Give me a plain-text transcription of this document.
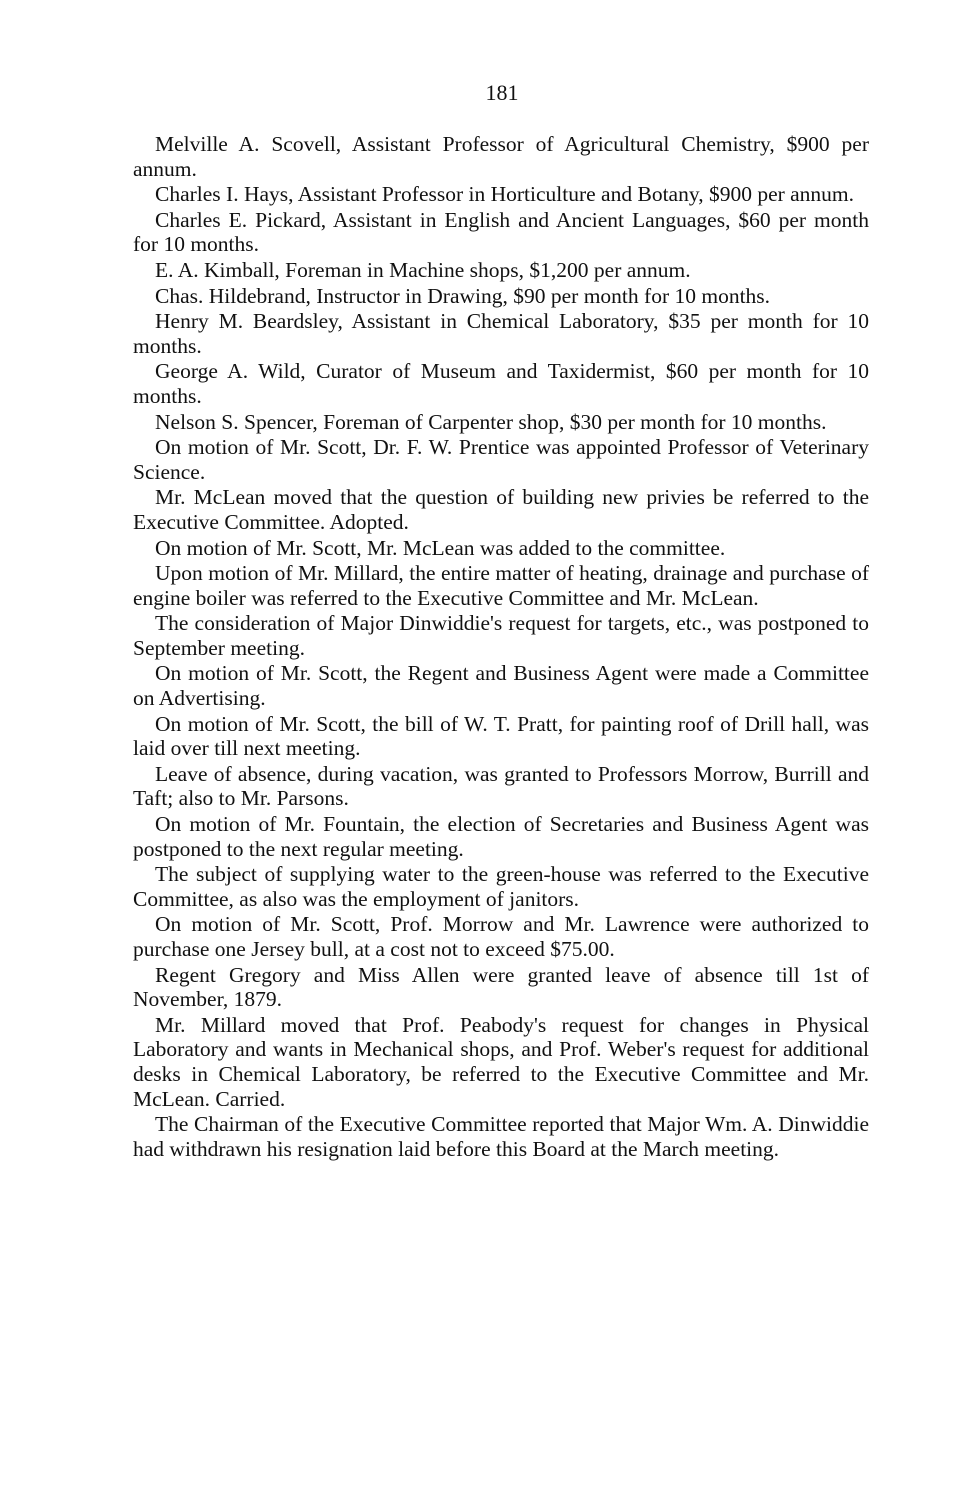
181

Melville A. Scovell, Assistant Professor of Agricultural Chemistry, $900 per annum.

Charles I. Hays, Assistant Professor in Horticulture and Botany, $900 per annum.

Charles E. Pickard, Assistant in English and Ancient Languages, $60 per month for 10 months.

E. A. Kimball, Foreman in Machine shops, $1,200 per annum.

Chas. Hildebrand, Instructor in Drawing, $90 per month for 10 months.

Henry M. Beardsley, Assistant in Chemical Laboratory, $35 per month for 10 months.

George A. Wild, Curator of Museum and Taxidermist, $60 per month for 10 months.

Nelson S. Spencer, Foreman of Carpenter shop, $30 per month for 10 months.

On motion of Mr. Scott, Dr. F. W. Prentice was appointed Professor of Veterinary Science.

Mr. McLean moved that the question of building new privies be referred to the Executive Committee. Adopted.

On motion of Mr. Scott, Mr. McLean was added to the committee.

Upon motion of Mr. Millard, the entire matter of heating, drainage and purchase of engine boiler was referred to the Executive Committee and Mr. McLean.

The consideration of Major Dinwiddie's request for targets, etc., was postponed to September meeting.

On motion of Mr. Scott, the Regent and Business Agent were made a Committee on Advertising.

On motion of Mr. Scott, the bill of W. T. Pratt, for painting roof of Drill hall, was laid over till next meeting.

Leave of absence, during vacation, was granted to Professors Morrow, Burrill and Taft; also to Mr. Parsons.

On motion of Mr. Fountain, the election of Secretaries and Business Agent was postponed to the next regular meeting.

The subject of supplying water to the green-house was referred to the Executive Committee, as also was the employment of janitors.

On motion of Mr. Scott, Prof. Morrow and Mr. Lawrence were authorized to purchase one Jersey bull, at a cost not to exceed $75.00.

Regent Gregory and Miss Allen were granted leave of absence till 1st of November, 1879.

Mr. Millard moved that Prof. Peabody's request for changes in Physical Laboratory and wants in Mechanical shops, and Prof. Weber's request for additional desks in Chemical Laboratory, be referred to the Executive Committee and Mr. McLean. Carried.

The Chairman of the Executive Committee reported that Major Wm. A. Dinwiddie had withdrawn his resignation laid before this Board at the March meeting.
